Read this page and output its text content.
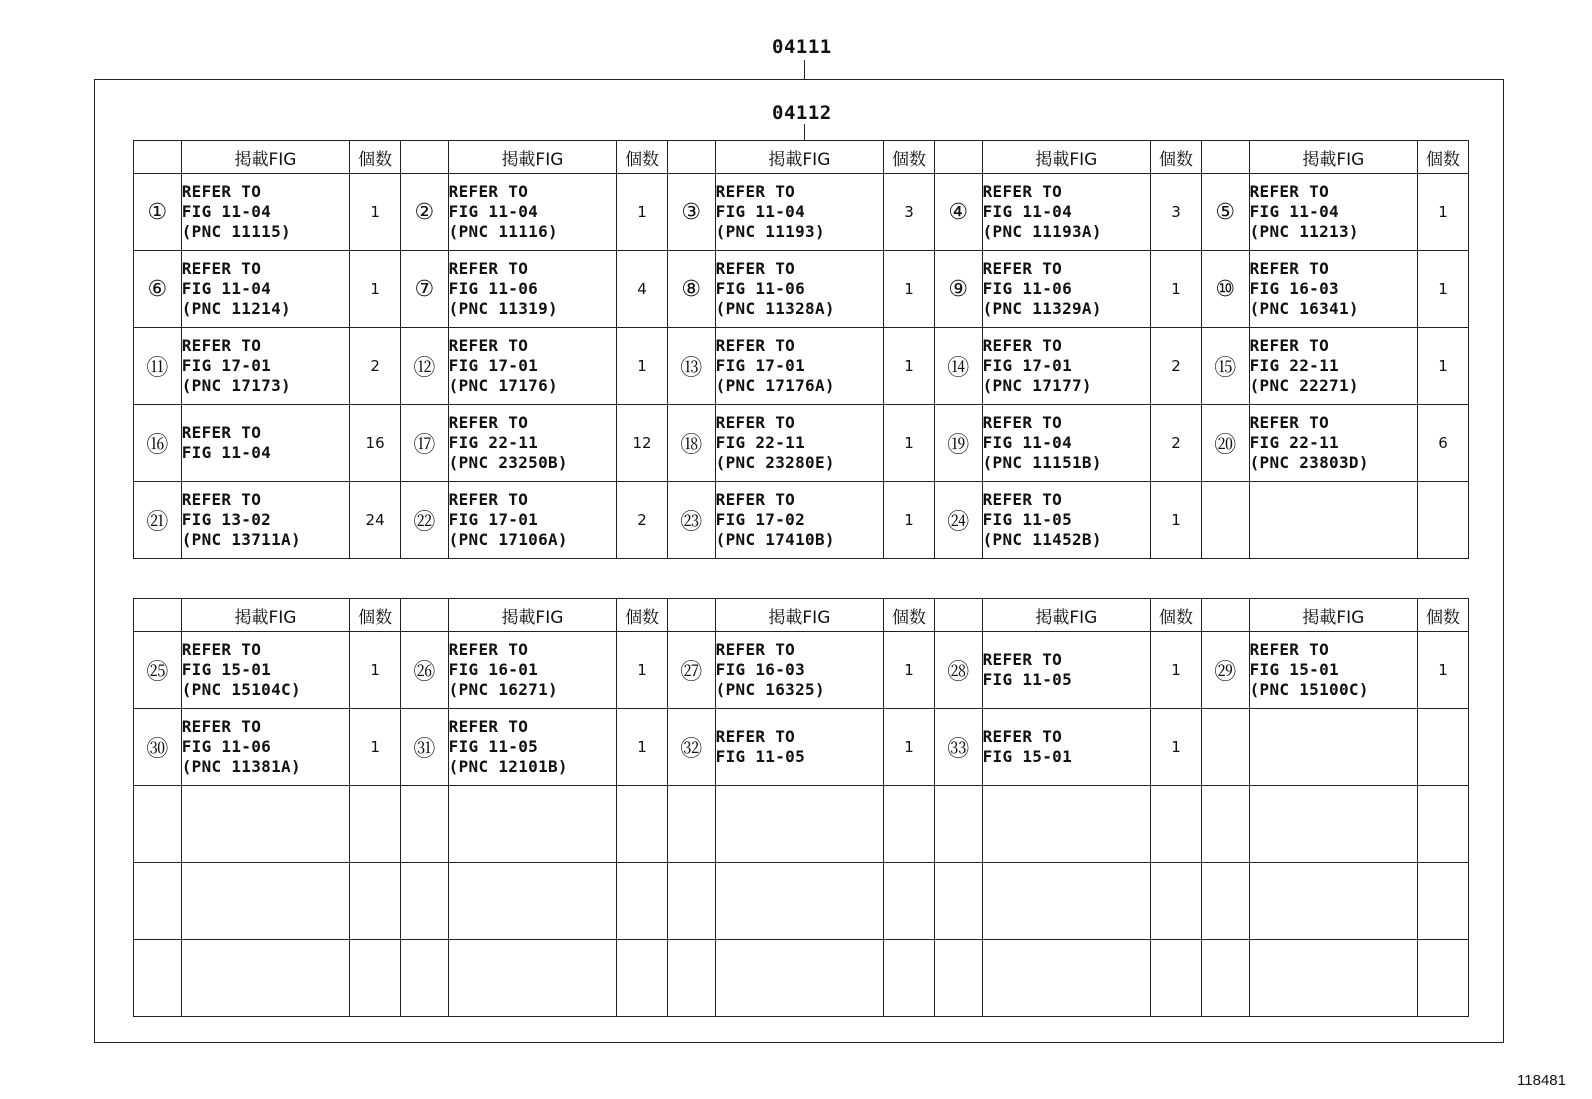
04111
04112
	掲載FIG	個数		掲載FIG	個数		掲載FIG	個数		掲載FIG	個数		掲載FIG	個数
①	REFER TO
FIG 11-04
(PNC 11115)	1	②	REFER TO
FIG 11-04
(PNC 11116)	1	③	REFER TO
FIG 11-04
(PNC 11193)	3	④	REFER TO
FIG 11-04
(PNC 11193A)	3	⑤	REFER TO
FIG 11-04
(PNC 11213)	1
⑥	REFER TO
FIG 11-04
(PNC 11214)	1	⑦	REFER TO
FIG 11-06
(PNC 11319)	4	⑧	REFER TO
FIG 11-06
(PNC 11328A)	1	⑨	REFER TO
FIG 11-06
(PNC 11329A)	1	⑩	REFER TO
FIG 16-03
(PNC 16341)	1
⑪	REFER TO
FIG 17-01
(PNC 17173)	2	⑫	REFER TO
FIG 17-01
(PNC 17176)	1	⑬	REFER TO
FIG 17-01
(PNC 17176A)	1	⑭	REFER TO
FIG 17-01
(PNC 17177)	2	⑮	REFER TO
FIG 22-11
(PNC 22271)	1
⑯	REFER TO
FIG 11-04	16	⑰	REFER TO
FIG 22-11
(PNC 23250B)	12	⑱	REFER TO
FIG 22-11
(PNC 23280E)	1	⑲	REFER TO
FIG 11-04
(PNC 11151B)	2	⑳	REFER TO
FIG 22-11
(PNC 23803D)	6
㉑	REFER TO
FIG 13-02
(PNC 13711A)	24	㉒	REFER TO
FIG 17-01
(PNC 17106A)	2	㉓	REFER TO
FIG 17-02
(PNC 17410B)	1	㉔	REFER TO
FIG 11-05
(PNC 11452B)	1		

	掲載FIG	個数		掲載FIG	個数		掲載FIG	個数		掲載FIG	個数		掲載FIG	個数
㉕	REFER TO
FIG 15-01
(PNC 15104C)	1	㉖	REFER TO
FIG 16-01
(PNC 16271)	1	㉗	REFER TO
FIG 16-03
(PNC 16325)	1	㉘	REFER TO
FIG 11-05	1	㉙	REFER TO
FIG 15-01
(PNC 15100C)	1
㉚	REFER TO
FIG 11-06
(PNC 11381A)	1	㉛	REFER TO
FIG 11-05
(PNC 12101B)	1	㉜	REFER TO
FIG 11-05	1	㉝	REFER TO
FIG 15-01	1		

118481
